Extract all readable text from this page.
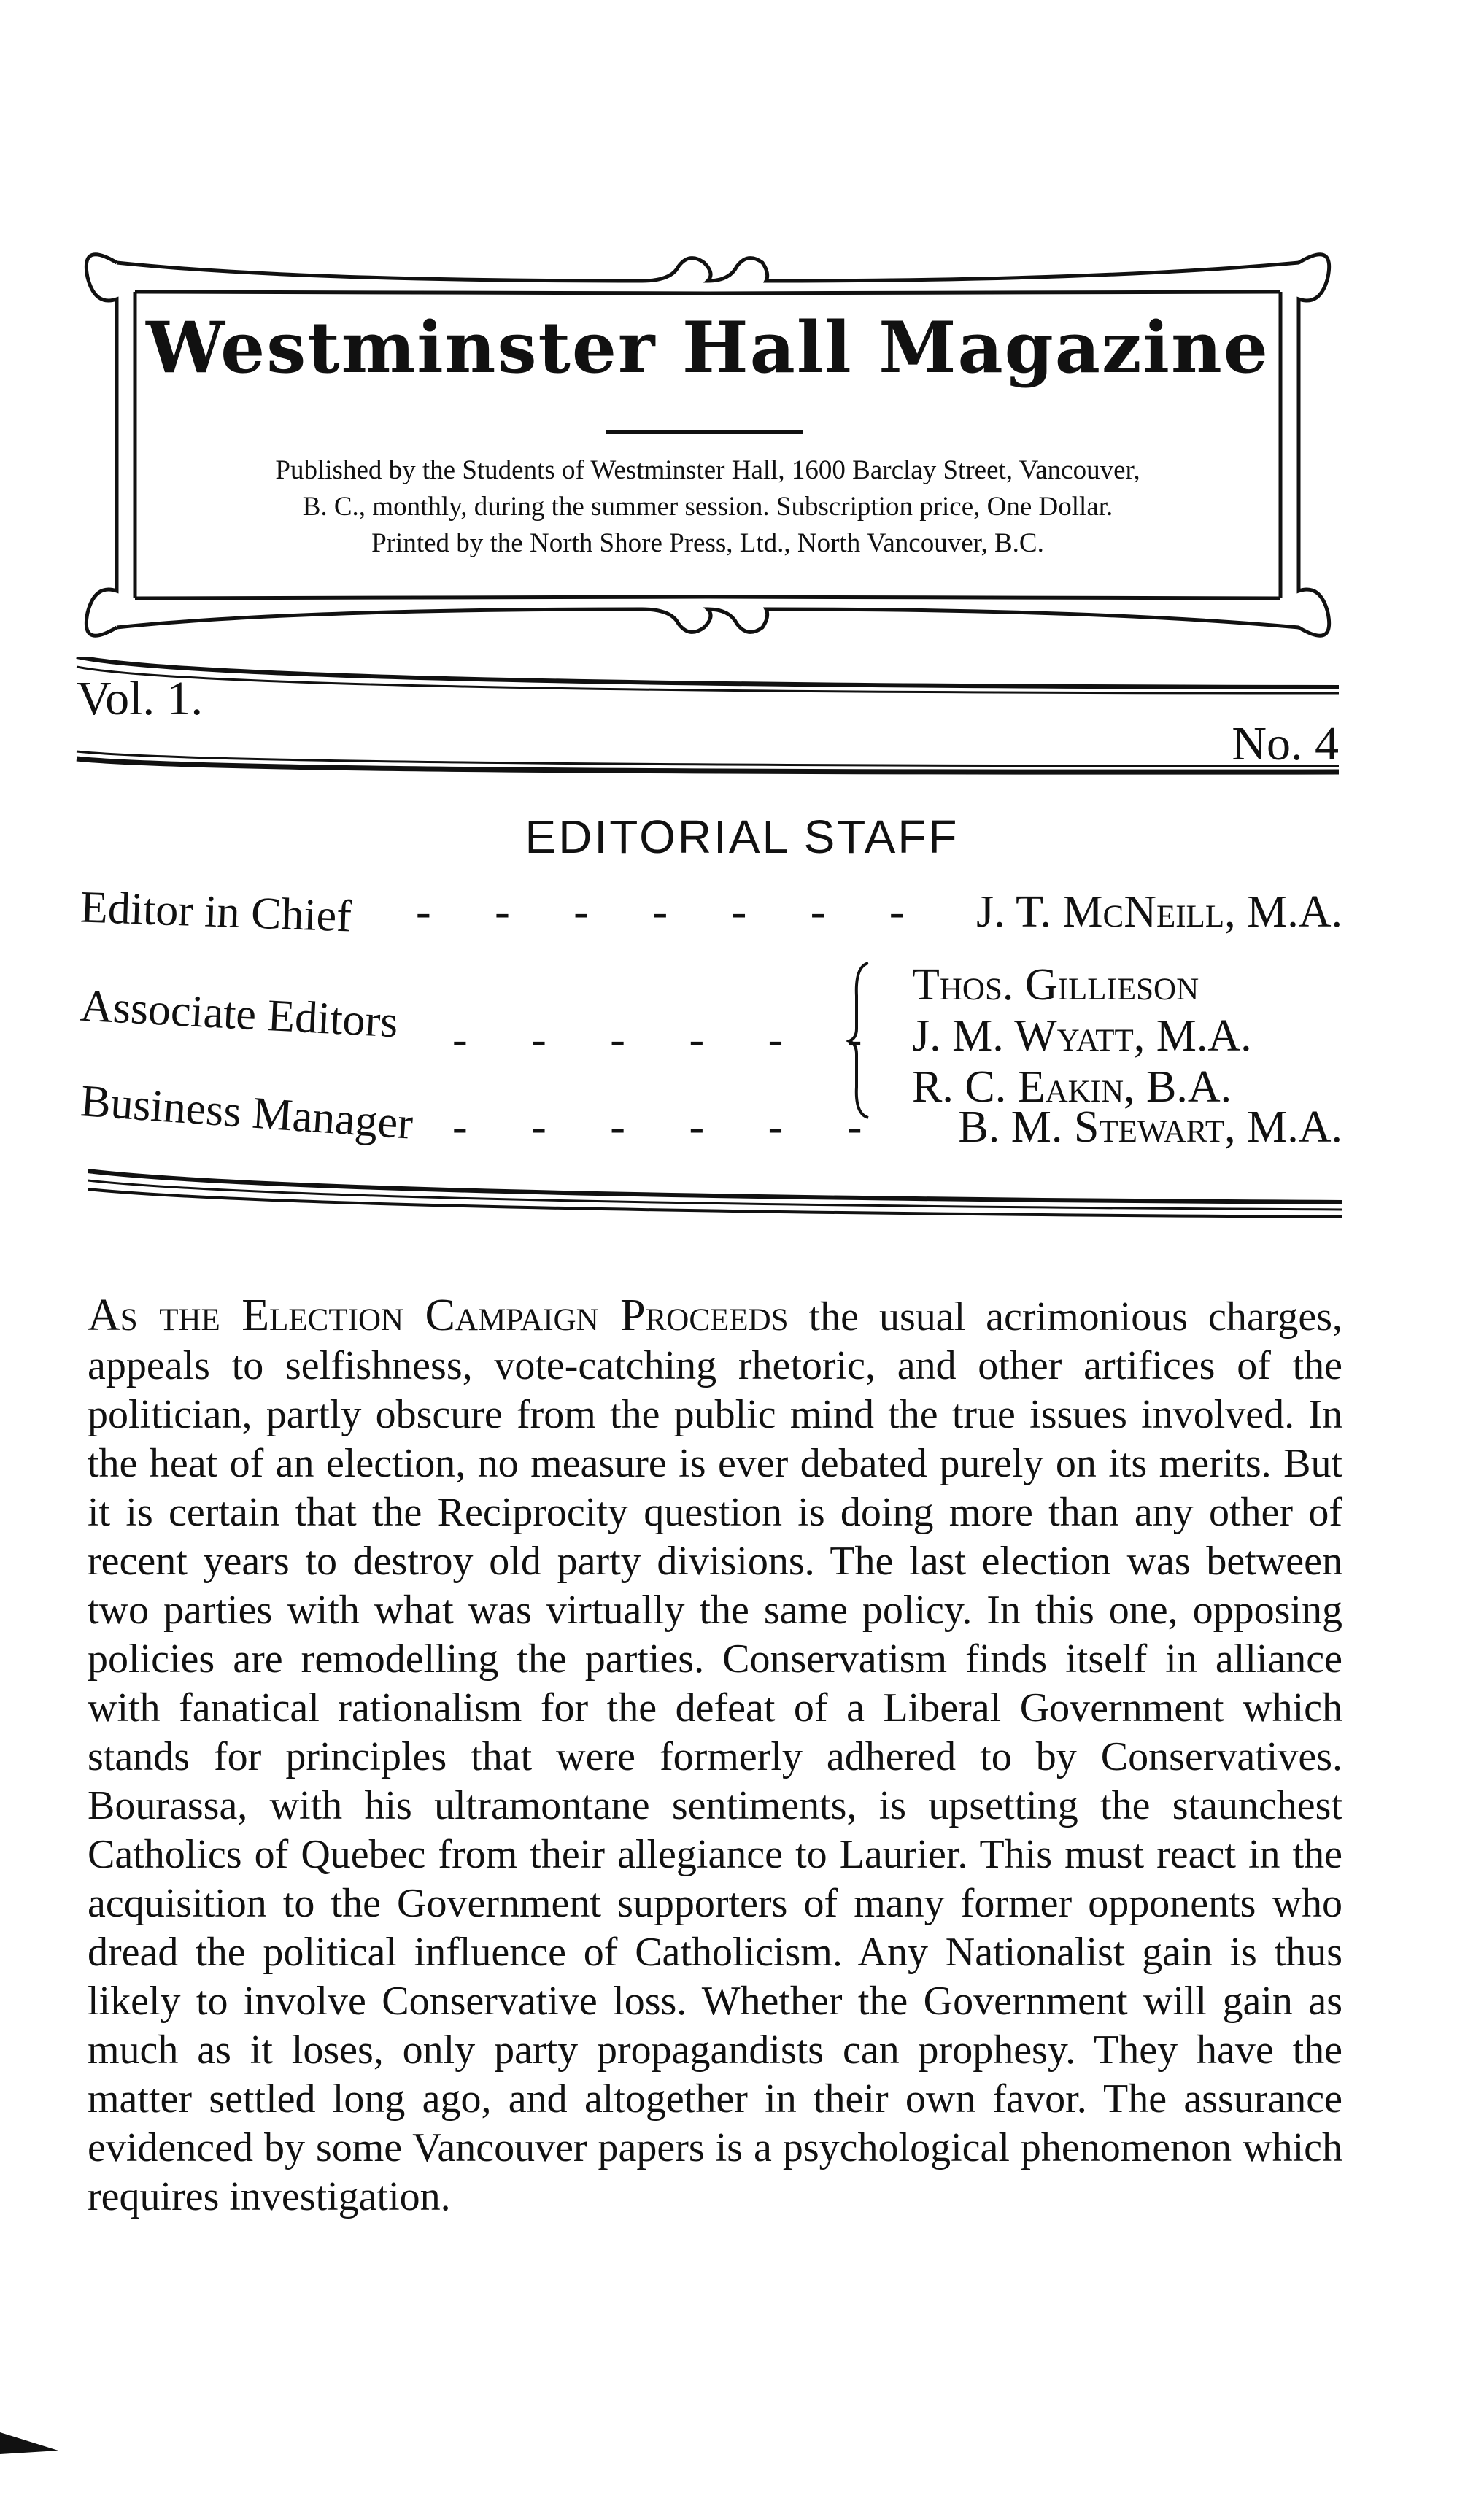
Westminster Hall Magazine
Published by the Students of Westminster Hall, 1600 Barclay Street, Vancouver,
B. C., monthly, during the summer session. Subscription price, One Dollar.
Printed by the North Shore Press, Ltd., North Vancouver, B.C.
Vol. 1.
No. 4
EDITORIAL STAFF
Editor in Chief - - - - - - - J. T. McNeill, M.A.
Associate Editors - - - - - -
Thos. Gillieson
J. M. Wyatt, M.A.
R. C. Eakin, B.A.
Business Manager - - - - - - B. M. Stewart, M.A.

As the Election Campaign Proceeds the usual acrimonious charges, appeals to selfishness, vote-catching rhetoric, and other artifices of the politician, partly obscure from the public mind the true issues involved. In the heat of an election, no measure is ever debated purely on its merits. But it is certain that the Reciprocity question is doing more than any other of recent years to destroy old party divisions. The last election was between two parties with what was virtually the same policy. In this one, opposing policies are remodelling the parties. Conservatism finds itself in alliance with fanatical rationalism for the defeat of a Liberal Government which stands for principles that were formerly adhered to by Conservatives. Bourassa, with his ultramontane sentiments, is upsetting the staunchest Catholics of Quebec from their allegiance to Laurier. This must react in the acquisition to the Government supporters of many former opponents who dread the political influence of Catholicism. Any Nationalist gain is thus likely to involve Conservative loss. Whether the Government will gain as much as it loses, only party propagandists can prophesy. They have the matter settled long ago, and altogether in their own favor. The assurance evidenced by some Vancouver papers is a psychological phenomenon which requires investigation.
